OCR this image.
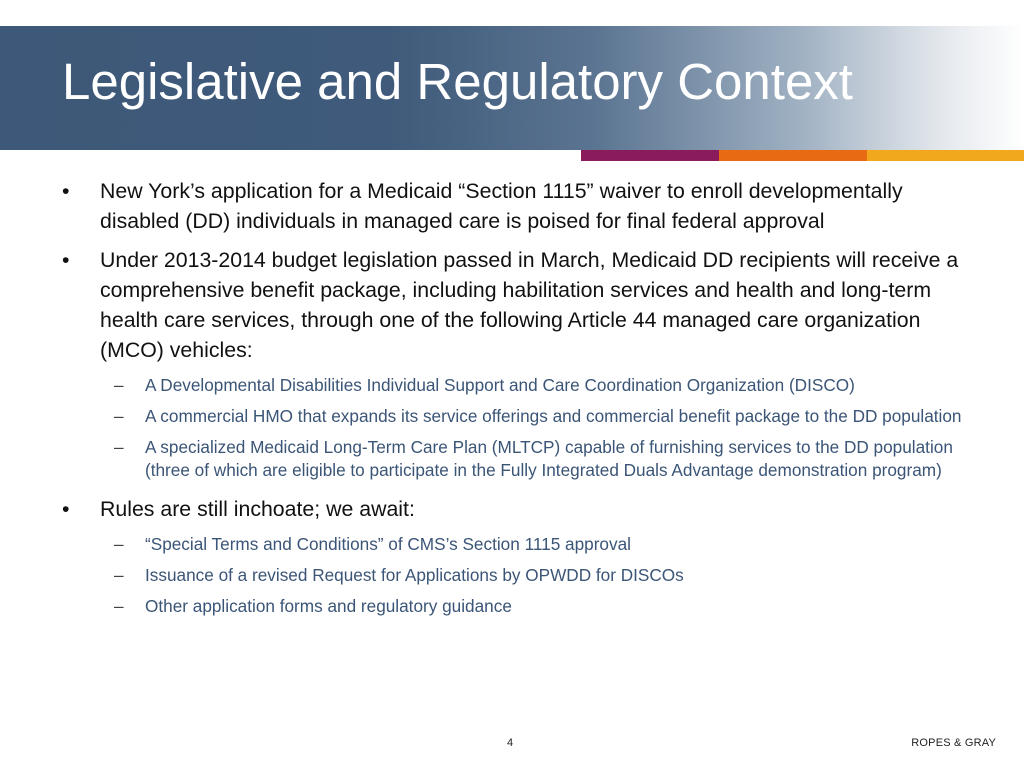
Legislative and Regulatory Context
• New York’s application for a Medicaid “Section 1115” waiver to enroll developmentally disabled (DD) individuals in managed care is poised for final federal approval
• Under 2013-2014 budget legislation passed in March, Medicaid DD recipients will receive a comprehensive benefit package, including habilitation services and health and long-term health care services, through one of the following Article 44 managed care organization (MCO) vehicles:
– A Developmental Disabilities Individual Support and Care Coordination Organization (DISCO)
– A commercial HMO that expands its service offerings and commercial benefit package to the DD population
– A specialized Medicaid Long-Term Care Plan (MLTCP) capable of furnishing services to the DD population (three of which are eligible to participate in the Fully Integrated Duals Advantage demonstration program)
• Rules are still inchoate; we await:
– “Special Terms and Conditions” of CMS’s Section 1115 approval
– Issuance of a revised Request for Applications by OPWDD for DISCOs
– Other application forms and regulatory guidance
4	ROPES & GRAY
